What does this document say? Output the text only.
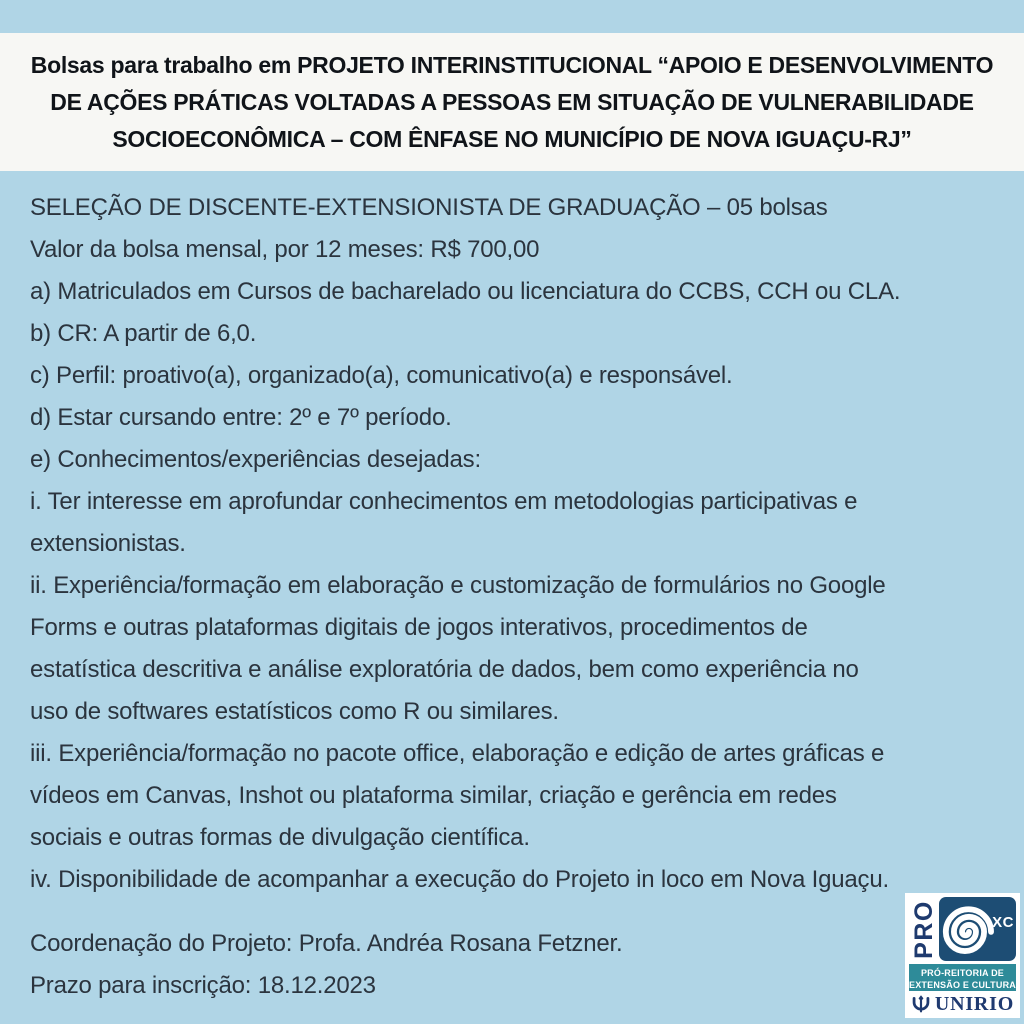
Bolsas para trabalho em PROJETO INTERINSTITUCIONAL “APOIO E DESENVOLVIMENTO
DE AÇÕES PRÁTICAS VOLTADAS A PESSOAS EM SITUAÇÃO DE VULNERABILIDADE
SOCIOECONÔMICA – COM ÊNFASE NO MUNICÍPIO DE NOVA IGUAÇU-RJ”
SELEÇÃO DE DISCENTE-EXTENSIONISTA DE GRADUAÇÃO – 05 bolsas
Valor da bolsa mensal, por 12 meses: R$ 700,00
a) Matriculados em Cursos de bacharelado ou licenciatura do CCBS, CCH ou CLA.
b) CR: A partir de 6,0.
c) Perfil: proativo(a), organizado(a), comunicativo(a) e responsável.
d) Estar cursando entre: 2º e 7º período.
e) Conhecimentos/experiências desejadas:
i. Ter interesse em aprofundar conhecimentos em metodologias participativas e
extensionistas.
ii. Experiência/formação em elaboração e customização de formulários no Google
Forms e outras plataformas digitais de jogos interativos, procedimentos de
estatística descritiva e análise exploratória de dados, bem como experiência no
uso de softwares estatísticos como R ou similares.
iii. Experiência/formação no pacote office, elaboração e edição de artes gráficas e
vídeos em Canvas, Inshot ou plataforma similar, criação e gerência em redes
sociais e outras formas de divulgação científica.
iv. Disponibilidade de acompanhar a execução do Projeto in loco em Nova Iguaçu.
Coordenação do Projeto: Profa. Andréa Rosana Fetzner.
Prazo para inscrição: 18.12.2023
PRO	XC
PRÓ-REITORIA DE
EXTENSÃO E CULTURA
UNIRIO
